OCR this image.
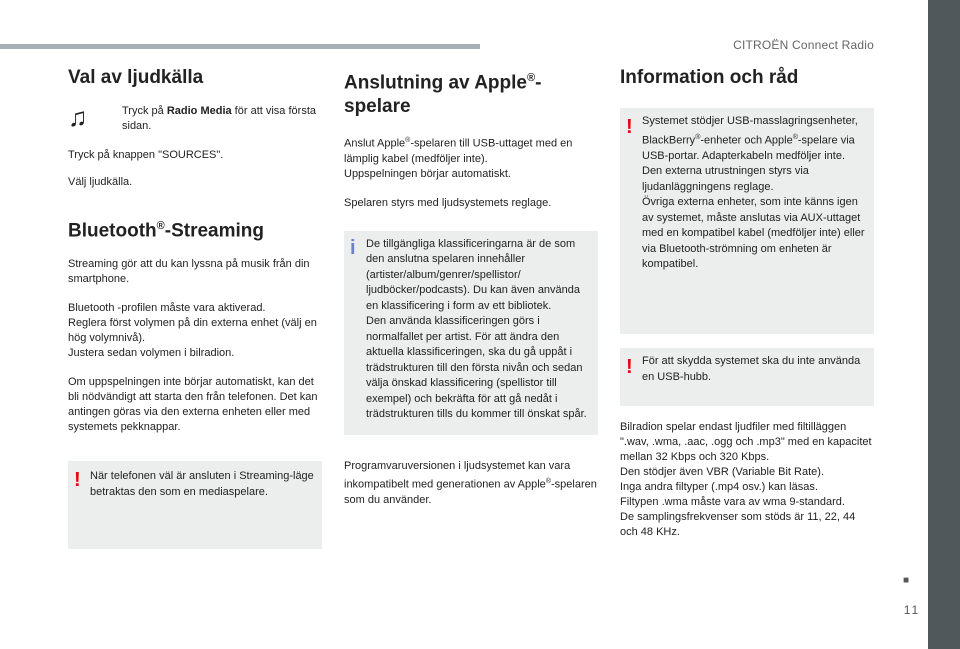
CITROËN Connect Radio
■
11
Val av ljudkälla
♫	Tryck på Radio Media för att visa första sidan.

Tryck på knappen "SOURCES".

Välj ljudkälla.

Bluetooth®-Streaming

Streaming gör att du kan lyssna på musik från din smartphone.

Bluetooth -profilen måste vara aktiverad.
Reglera först volymen på din externa enhet (välj en hög volymnivå).
Justera sedan volymen i bilradion.

Om uppspelningen inte börjar automatiskt, kan det bli nödvändigt att starta den från telefonen. Det kan antingen göras via den externa enheten eller med systemets pekknappar.

! När telefonen väl är ansluten i Streaming-läge betraktas den som en mediaspelare.
Anslutning av Apple®-spelare

Anslut Apple®-spelaren till USB-uttaget med en lämplig kabel (medföljer inte).
Uppspelningen börjar automatiskt.

Spelaren styrs med ljudsystemets reglage.

i De tillgängliga klassificeringarna är de som den anslutna spelaren innehåller (artister/album/genrer/spellistor/ ljudböcker/podcasts). Du kan även använda en klassificering i form av ett bibliotek.
Den använda klassificeringen görs i normalfallet per artist. För att ändra den aktuella klassificeringen, ska du gå uppåt i trädstrukturen till den första nivån och sedan välja önskad klassificering (spellistor till exempel) och bekräfta för att gå nedåt i trädstrukturen tills du kommer till önskat spår.

Programvaruversionen i ljudsystemet kan vara inkompatibelt med generationen av Apple®-spelaren som du använder.

Information och råd
! Systemet stödjer USB-masslagringsenheter, BlackBerry®-enheter och Apple®-spelare via USB-portar. Adapterkabeln medföljer inte.
Den externa utrustningen styrs via ljudanläggningens reglage.
Övriga externa enheter, som inte känns igen av systemet, måste anslutas via AUX-uttaget med en kompatibel kabel (medföljer inte) eller via Bluetooth-strömning om enheten är kompatibel.
! För att skydda systemet ska du inte använda en USB-hubb.

Bilradion spelar endast ljudfiler med filtilläggen ".wav, .wma, .aac, .ogg och .mp3" med en kapacitet mellan 32 Kbps och 320 Kbps.
Den stödjer även VBR (Variable Bit Rate).
Inga andra filtyper (.mp4 osv.) kan läsas.
Filtypen .wma måste vara av wma 9-standard.
De samplingsfrekvenser som stöds är 11, 22, 44 och 48 KHz.
